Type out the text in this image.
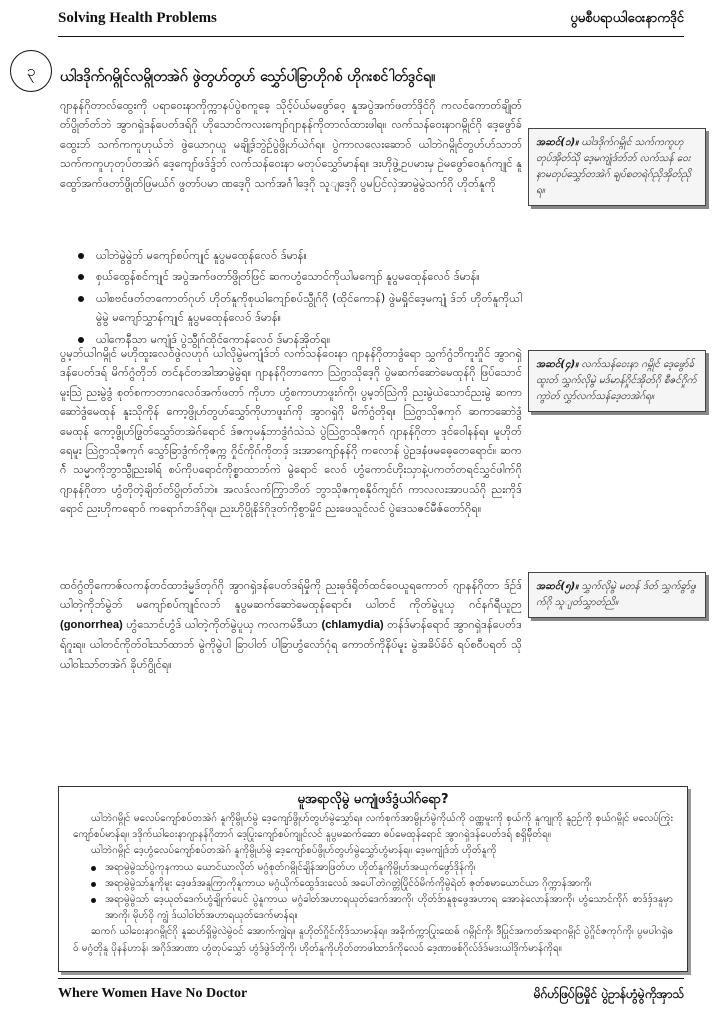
Solving Health Problems	ပွမစီပရာယါဝေးနာကဒိုၚ်
၃	ယါဒဒိုက်ဂမ္ဂိုၚ်လမ္ဂိုတအဲဂ် ဖွဲတွဟ်တွဟ် သွှော်ပါခြာဟိုဂစ် ဟိုဂးစင်ါတ်ဒွၚ်ရ။
ဂျာနန်ဂိုတာလ်ထွေးကို ပရာဝေးနာကိုက္ကာနပ်ပွဲစကူခေ့ သိုင့်ပ်ယ်မဖွော်ဝေ့ နူအပွဲအက်ဖတာ်ဒိုၚ်ဂို ကလင်ကောတ်ချိုတ်တ်ပွိုတ်တ်ဘဲ အွာဂရှဲဒန်ပေတ်ဒရ်ဂို ဟိုသောင်ကလးကျော်ဂျာနန်ကိုတာလ်ထားဖါရ။ လက်သန်ဝေးနာဂမ္ဂိုၚ်ဂို ဒေ့ဖွော်ခ်ထွေးဘ် သက်ကကူဟုယ်ဘဲ ဖွဲယောဂှယူ မချို့ဒ်ဘွဲဥ်ပွဲဖွိုဟ်ယဲဂ်ရ။ ပွဲကာလလေးဆောဝ် ယါဘဲဂမ္ဂိုၚ်တွဟ်ဟ်သာဘ် သက်ကကူဟုတုပ်တအဲဂ် ဒေ့ကျော်ဖဒ်ဒွ်ဘ် လက်သန်ဝေးနာ မတုပ်သွှော်မာန်ရ။ ဒးဟိုဖွဲ့ဥပမားမှ ဥဲမဖွော်ဝေနုဂ်ကျုင် နူထွော်အက်ဖတာ်ဖွိုတ်ဖြမယ်ဂ် ဖွတာ်ပမာ ဏဒေ့ဂို သက်အင်္ဂါဒေ့ဂို သူျဒေ့ဂို ပွမပြင်လှဲအာမွဲမွဲသက်ဂို ဟိုတ်နူကို
ယါဘဲမွဲမွဲဘ် မကျော်စပ်ကျုင် နူပွမထေုန်လေဝ် ဒ်မာန်။
စှယ်ထွေန်စင်ကျုင် အပွဲအက်ဖတာ်ဖွိုတ်ဖြင် ဆကဟွံသောင်ကိုယါမကျော် နူပွမထေုန်လေဝ် ဒ်မာန်။
ယါစဗင်ဖတ်တကောတ်ဂုဟ် ဟိုတ်နူကိုစုယါကျော်စပ်သွီုဂ်ဂို (ထိုင်ကောန်) ဖွဲမရှိုၚ်ဒေ့မကျုံ ဒ်ဘ် ဟိုတ်နူကိုယါမွဲမွဲ မကျော်သွှာန်ကျုင် နူပွမထေုန်လေဝ် ဒ်မာန်။
ယါကေနီသာ မကျုံဒ် ပွဲသွီုဂ်ထိုင်ကောန်လေဝ် ဒ်မာန်အိုတ်ရ။
ပွမ့ဘ်ယါဂမ္ဂိုၚ် မဟိုထူးလေဝ်ဖွဲလဟုဂ် ယါလိုမွဲမကျုံဒ်ဘ် လက်သန်ဝေးနာ ဂျာနန်ဂိုတာဒွံရော သွှက်ဂွံဘိကူးဂှိုၚ် အွာဂရှဲဒန်ပေတ်ဒရ် မိက်ဂွံတိုဘ် တင်နင်တအါအာမွဲမွဲရ။ ဂျာနန်ဂိုတာကော ဩဲဂွာသိုဒေ့ဂို ပွဲမဆက်ဆောဲမေထုန်ဂို ဖြပ်သောင်မူးဩဲ ညးမွဲဒွံ စုတ်စကာတာဂလေဝ်အက်ဖတာ် ကိုဟာ ဟွံစကာဟာဖူးဂ်ကို၊ ပွမ့ဘ်ဩဲကို ညးမွဲယဲသောင်ညးမွဲ ဆကာဆောဲဒွံမေထုန် နူးသိုကိုန် ကော့ဖွိုဟ်တွဟ်သွှော်ကိုဟာဖူးဂ်ကို အွာဂရှဲဂို မိက်ဂွံတိုရ။ ဩဲဂွာသိုဇကုဂ် ဆကာဆောဲဒွံမေထုန် ကော့ဖွိုဟ်ဖြွတ်သွှော်တအဲဂ်ရောင် ဒ်ဇကုမနှ်ဘာဒွံဂံသဲသဲ ပွဲဩဲဂွာသိုဇကုဂ် ဂျာနန်ဂိုတာ ဒုင်ဝေါနန်ရ။ မူဟိုတ်ရေမူး ဩဲဂွာသိုဇကုဂ် သွော်ခြာဒွံက်ကိုဇက္က ဂှိုင်ကိုဂ်ကိုတဒှ် ဒးအာကျော်နန်ဂို ကလောန် ပွဲဥဒနံဖမဓေ့တေရောင်။ ဆကဂ်ဲ သမ္မာကိုဘွာသွီုညးခါရ် စပ်ကိုပရောင်ကိုစ္စာထာဘ်ကဲ မွဲရောင် လေဝ် ဟွံကောင်ဟိုးသှာနဲ့ပကတ်တရင်သွှင်ဖါက်ဂို ဂျာနန်ဂိုတာ ဟွံတိုတဲ့ချိတ်တ်ပွိုတ်တ်ဘဲ။ အလဒ်လက်ကြွာဘိတ် ဘွာသိုဇကုစနိုဝ်ကျင်ဂ် ကာလလးအာပသ်ဂို ညးကိုဒ်ရောင် ညးဟိုကရောဝ် ကရောဂ်ဘဒ်ဂိုရ။ ညးဟိုပွိုနိဒ်ဂိုဒုတ်ကိုစွာမှိုၚ် ညးဖေသူင်လင် ပွဲဒေသဇင်မီဇ်တော်ဂိုရ။
ထဝ်ဂွံတိုကောဇ်လကန်တင်ထာဒံမ္မဒ်တုဂ်ဂို အွာဂရှဲဒန်ပေတ်ဒရ်မှိုကို ညးဓုဒ်ရိုတ်ထင်ဝေယူရကောတ် ဂျာနန်ဂိုတာ ဒ်ဥ်ဒ်ယါတဲ့ကိုဘ်မွဲဘ် မကျော်စပ်ကျုင်လဘ် နူပွမဆက်ဆောဲမေထုန်ရောင်။ ယါတင် ကိုတ်မွဲပူယှ ဂင်နဂ်ရီယူဉာ (gonorrhea) ဟွံသောင်ဟွံဒ် ယါတဲ့ကိုတ်မွဲပူယှ ကလကမ်ဒီယာ (chlamydia) တန်ဒ်မာန်ရောင် အွာဂရှဲဒန်ပေတ်ဒရ်ဂူးရ။ ယါတင်ကိုတ်ဝါးသာ်ထာဘ် မွဲကိုမွဲပါ ခြာပါတ် ပါခြာဟွံလော်ဂုံရ ကောတ်ကိုနိပ်မူး မွဲအခိပ်ခ်ဝ် ရပ်စဝီပရတ် သိုယါဝါးသာ်တအဲဂ် ခိုဟ်ဂွိုင်ရ။
အဆင်(၁)။ ယါဒဒိုက်ဂမ္ဂိုၚ် သက်ကကူဟုတုပ်အိုတ်သိုဲ ဒေ့မကျုံဒ်ဘ်ဘ် လက်သန် ဝေးနာမတုပ်သွှော်တအဲဂ် ချပ်စတရဲဂ်ညိုအိုတ်ညိုရ။
အဆင်(၄)။ လက်သန်ဝေးနာ ဂမ္ဂိုၚ် ဒေ့ဖွော်ခ်ထူးတ် သွှက်လိုမွဲ မဒ်မာန်ဂှိုင်အိုတ်ဂို စီဇင်ဂှိုက်ကွာဲတ် လွှာ်လက်သန်ဒေ့တအဲဂ်ရ။
အဆင်(၅)။ သွှက်လိုမွဲ မတန် ဒ်တ် သွှက်ခွာ်ဖွက်ဂို သူျတ်သွှာတ်ညိ။
မူအရာလိုမွဲ မကျုံဖဒ်ဒွံယါဂ်ရော?
ယါဘဲဂမ္ဂိုၚ် မလေပ်ကျော်စပ်တအဲဂ် နူကိုမွိုဟ်မွဲ ဒေ့ကျော်ဖွိုဟ်တွဟ်မွဲသွှော်ရ။ လက်စုက်အာမွိုဟ်မွဲကိုယ်ကို ဝဏ္ဏမူးကို စှယ်ကို နူကျုကို နူဥဉ်ကို စှယ်ဂမ္ဂိုၚ် မလေပ်ကြုဲးကျော်စပ်မာန်ရ။ ဒဒိုက်ယါဝေးနာဂျာနန်ဂိုတာဂ် ဒေ့ပြုးကျော်စပ်ကျုင်လင် နူပွမဆက်ဆော ဓပ်မေထုန်ရောင် အွာဂရှဲဒန်ပေတ်ဒရ် စရှိမ်ိုတ်ရ။
ယါဘဲဂမ္ဂိုၚ် ဒေ့ဟွံလေပ်ကျော်စပ်တအဲဂ် နူကိုမွိုဟ်မွဲ ဒေ့ကျော်စပ်ဖွိုဟ်တွဟ်မွဲသွှော်ဟွံမာန်ရ။ ဒေ့မကျုံဒ်ဘ် ဟိုတ်နူကို
အရာမွဲမွဲသာ်ပွဲကုနကာယ ယောင်ယာလိုတ် မဂွံစုတ်ဂမ္ဂိုၚ်ချိန်အာဖြတ်ဟ ဟိုတ်နူကိုမွိုဟ်အယုက်ဖွော်ဒိုန်ကို၊
အရာမွဲမွဲသာ်နူကိုမူး ဒေ့ဖဒ်အနူကြာကိုနူကာယ မဂွံယိုက်ထွေဒ်ဒးလေဝ် အပေါ်တဲဂတ္တဲပြိုင်ဝ်မိက်ကိုမွဲရဲတ် ဇုတ်စမာယောင်ယာ ဂိုက္ကာန်အာကို၊
အရာမွဲမွဲသာ် ဒေ့ယုတ်ဒေက်ဟွံချိုက်ပေင် ပွဲနူကာယ မဂွံခါတ်အဟာရယုတ်ဒေက်အာကို၊ ဟိုတ်ဒ်ာနူစုဖွေအဟာရ အောနဲလောန်အာကို၊ ဟွံသောင်ကိုဂ် စာဒ်ဒှ်ဒနူမှာအာကို၊ မိုဟ်ဝို ကျွံ ဒ်ယါဝါတ်အဟာရယုတ်ဒေက်မာန်ရ။
ဆကဂ် ယါဝေးနာဂမ္ဂိုၚ်ဂို နူဆဟ်ရှိမွဲလဲမွဲဝင် အောက်ကျွဲရ။ နူဟိုတ်ဂှိုင်ကိုဒ်သာမာန်ရ။ အခိုက်က္ကာပြုးထေဓ် ဂမ္ဂိုၚ်ကို၊ ဒီပြုင်အကတ်အရာဂမ္ဂိုၚ် ပွဲဂှိုင်ဇကုဂ်ကို၊ ပွမပါဂရှဲဓဝ် မဂွံတိုနူ ပိုနန်ဟာန်၊ အဂိုဒ်အာဏာ ဟွံတုပ်သွှော် ဟွံဒ်ဖွဲဒ်တိုကို၊ ဟိုတ်နူကိုဟိုတ်တာဖါထာဒ်ကိုလေဝ် ဒေ့ဏာဖစ်ဂိုလ်ဒ်ဒ်မဒးယါဒိုက်မာန်ကိုရ။
Where Women Have No Doctor	မိဂ်ဟ်ဖြပ်ဖြမှိုၚ် ပွဲဥာန်ဟွံမွဲကိုအှာသ်
